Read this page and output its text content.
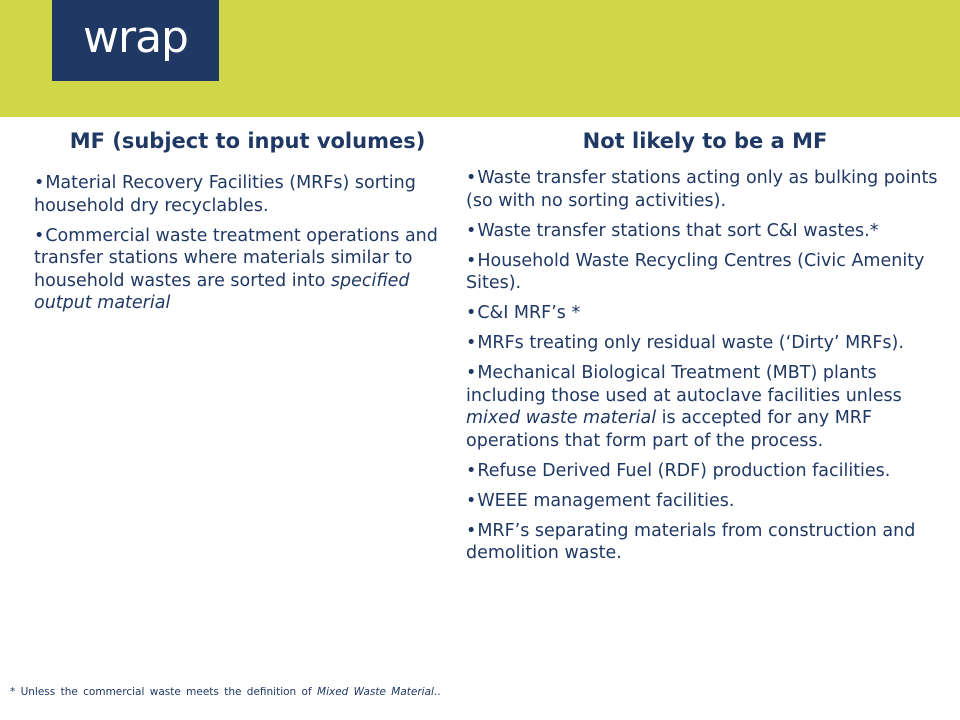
wrap
MF (subject to input volumes)	Not likely to be a MF
•Material Recovery Facilities (MRFs) sorting household dry recyclables.
•Commercial waste treatment operations and transfer stations where materials similar to household wastes are sorted into specified output material
•Waste transfer stations acting only as bulking points (so with no sorting activities).
•Waste transfer stations that sort C&I wastes.*
•Household Waste Recycling Centres (Civic Amenity Sites).
•C&I MRF’s *
•MRFs treating only residual waste (‘Dirty’ MRFs).
•Mechanical Biological Treatment (MBT) plants including those used at autoclave facilities unless mixed waste material is accepted for any MRF operations that form part of the process.
•Refuse Derived Fuel (RDF) production facilities.
•WEEE management facilities.
•MRF’s separating materials from construction and demolition waste.
* Unless the commercial waste meets the definition of Mixed Waste Material..
